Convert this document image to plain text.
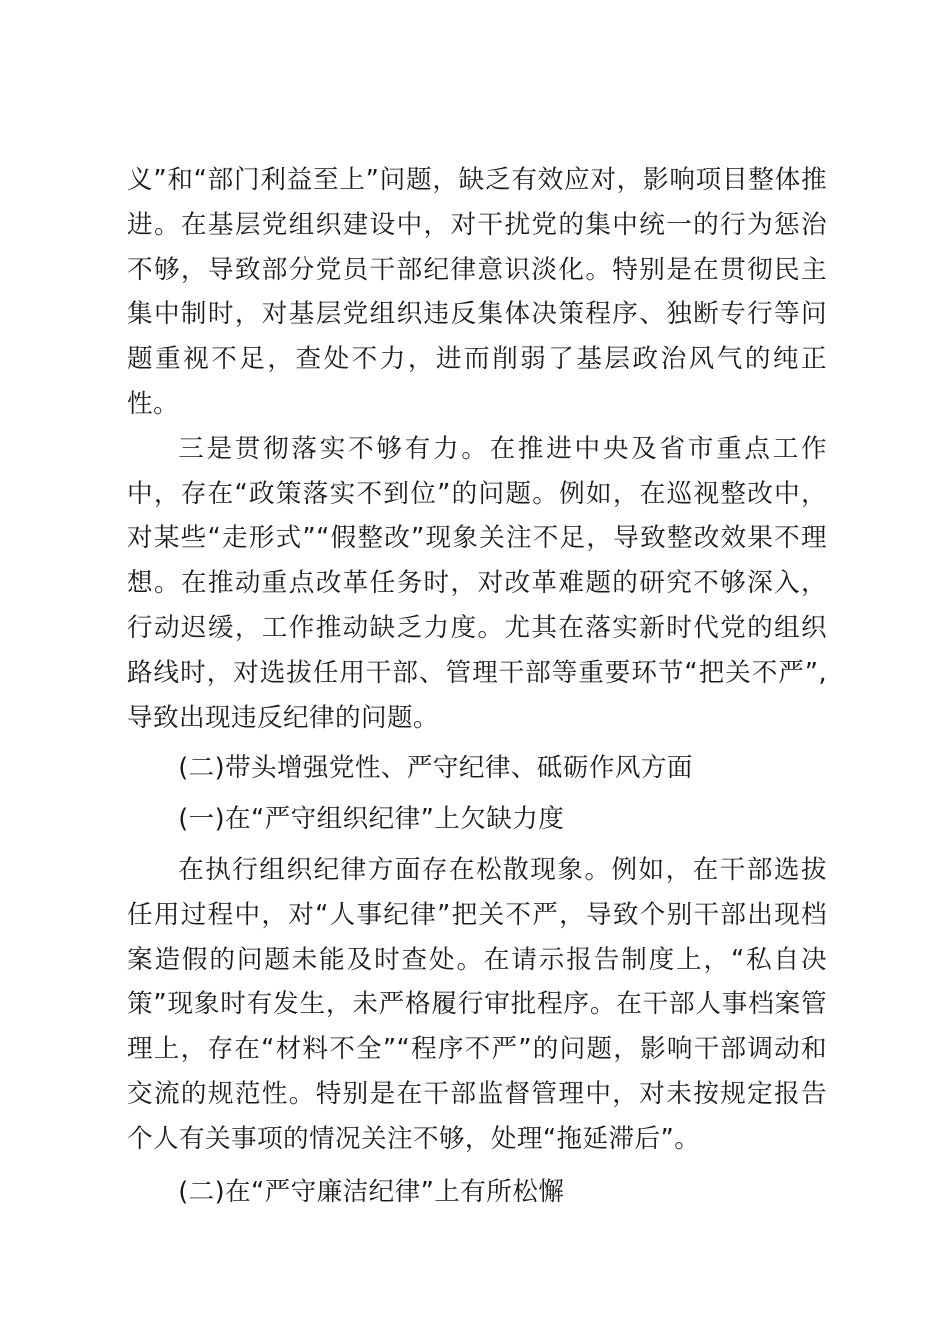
义”和“部门利益至上”问题，缺乏有效应对，影响项目整体推进。在基层党组织建设中，对干扰党的集中统一的行为惩治不够，导致部分党员干部纪律意识淡化。特别是在贯彻民主集中制时，对基层党组织违反集体决策程序、独断专行等问题重视不足，查处不力，进而削弱了基层政治风气的纯正性。

三是贯彻落实不够有力。在推进中央及省市重点工作中，存在“政策落实不到位”的问题。例如，在巡视整改中，对某些“走形式”“假整改”现象关注不足，导致整改效果不理想。在推动重点改革任务时，对改革难题的研究不够深入，行动迟缓，工作推动缺乏力度。尤其在落实新时代党的组织路线时，对选拔任用干部、管理干部等重要环节“把关不严”,导致出现违反纪律的问题。

(二)带头增强党性、严守纪律、砥砺作风方面

(一)在“严守组织纪律”上欠缺力度

在执行组织纪律方面存在松散现象。例如，在干部选拔任用过程中，对“人事纪律”把关不严，导致个别干部出现档案造假的问题未能及时查处。在请示报告制度上，“私自决策”现象时有发生，未严格履行审批程序。在干部人事档案管理上，存在“材料不全”“程序不严”的问题，影响干部调动和交流的规范性。特别是在干部监督管理中，对未按规定报告个人有关事项的情况关注不够，处理“拖延滞后”。

(二)在“严守廉洁纪律”上有所松懈
